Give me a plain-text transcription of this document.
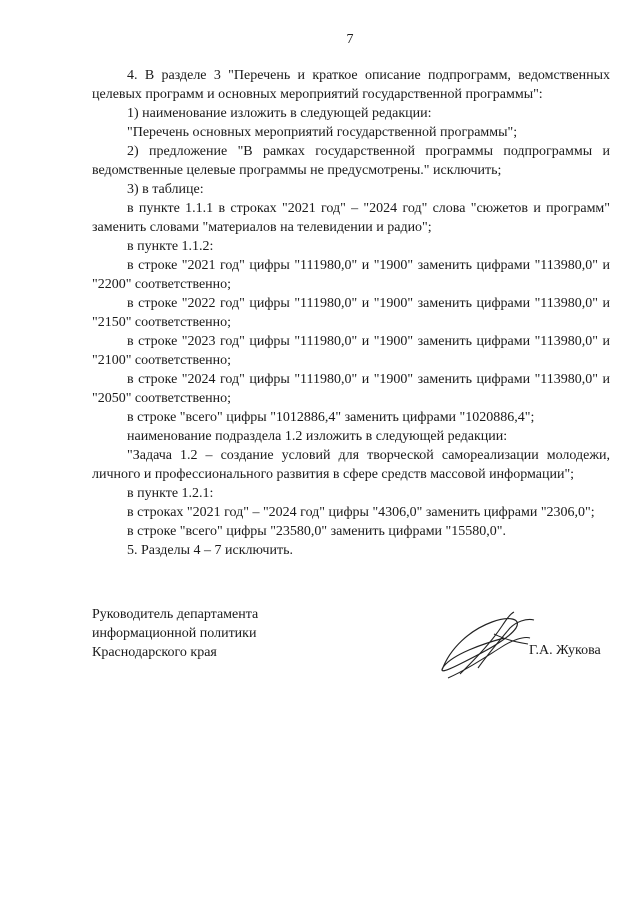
7

4. В разделе 3 "Перечень и краткое описание подпрограмм, ведомственных целевых программ и основных мероприятий государственной программы":

1) наименование изложить в следующей редакции:

"Перечень основных мероприятий государственной программы";

2) предложение "В рамках государственной программы подпрограммы и ведомственные целевые программы не предусмотрены." исключить;

3) в таблице:

в пункте 1.1.1 в строках "2021 год" – "2024 год" слова "сюжетов и программ" заменить словами "материалов на телевидении и радио";

в пункте 1.1.2:

в строке "2021 год" цифры "111980,0" и "1900" заменить цифрами "113980,0" и "2200" соответственно;

в строке "2022 год" цифры "111980,0" и "1900" заменить цифрами "113980,0" и "2150" соответственно;

в строке "2023 год" цифры "111980,0" и "1900" заменить цифрами "113980,0" и "2100" соответственно;

в строке "2024 год" цифры "111980,0" и "1900" заменить цифрами "113980,0" и "2050" соответственно;

в строке "всего" цифры "1012886,4" заменить цифрами "1020886,4";

наименование подраздела 1.2 изложить в следующей редакции:

"Задача 1.2 – создание условий для творческой самореализации молодежи, личного и профессионального развития в сфере средств массовой информации";

в пункте 1.2.1:

в строках "2021 год" – "2024 год" цифры "4306,0" заменить цифрами "2306,0";

в строке "всего" цифры "23580,0" заменить цифрами "15580,0".

5. Разделы 4 – 7 исключить.

Руководитель департамента
информационной политики
Краснодарского края	Г.А. Жукова
